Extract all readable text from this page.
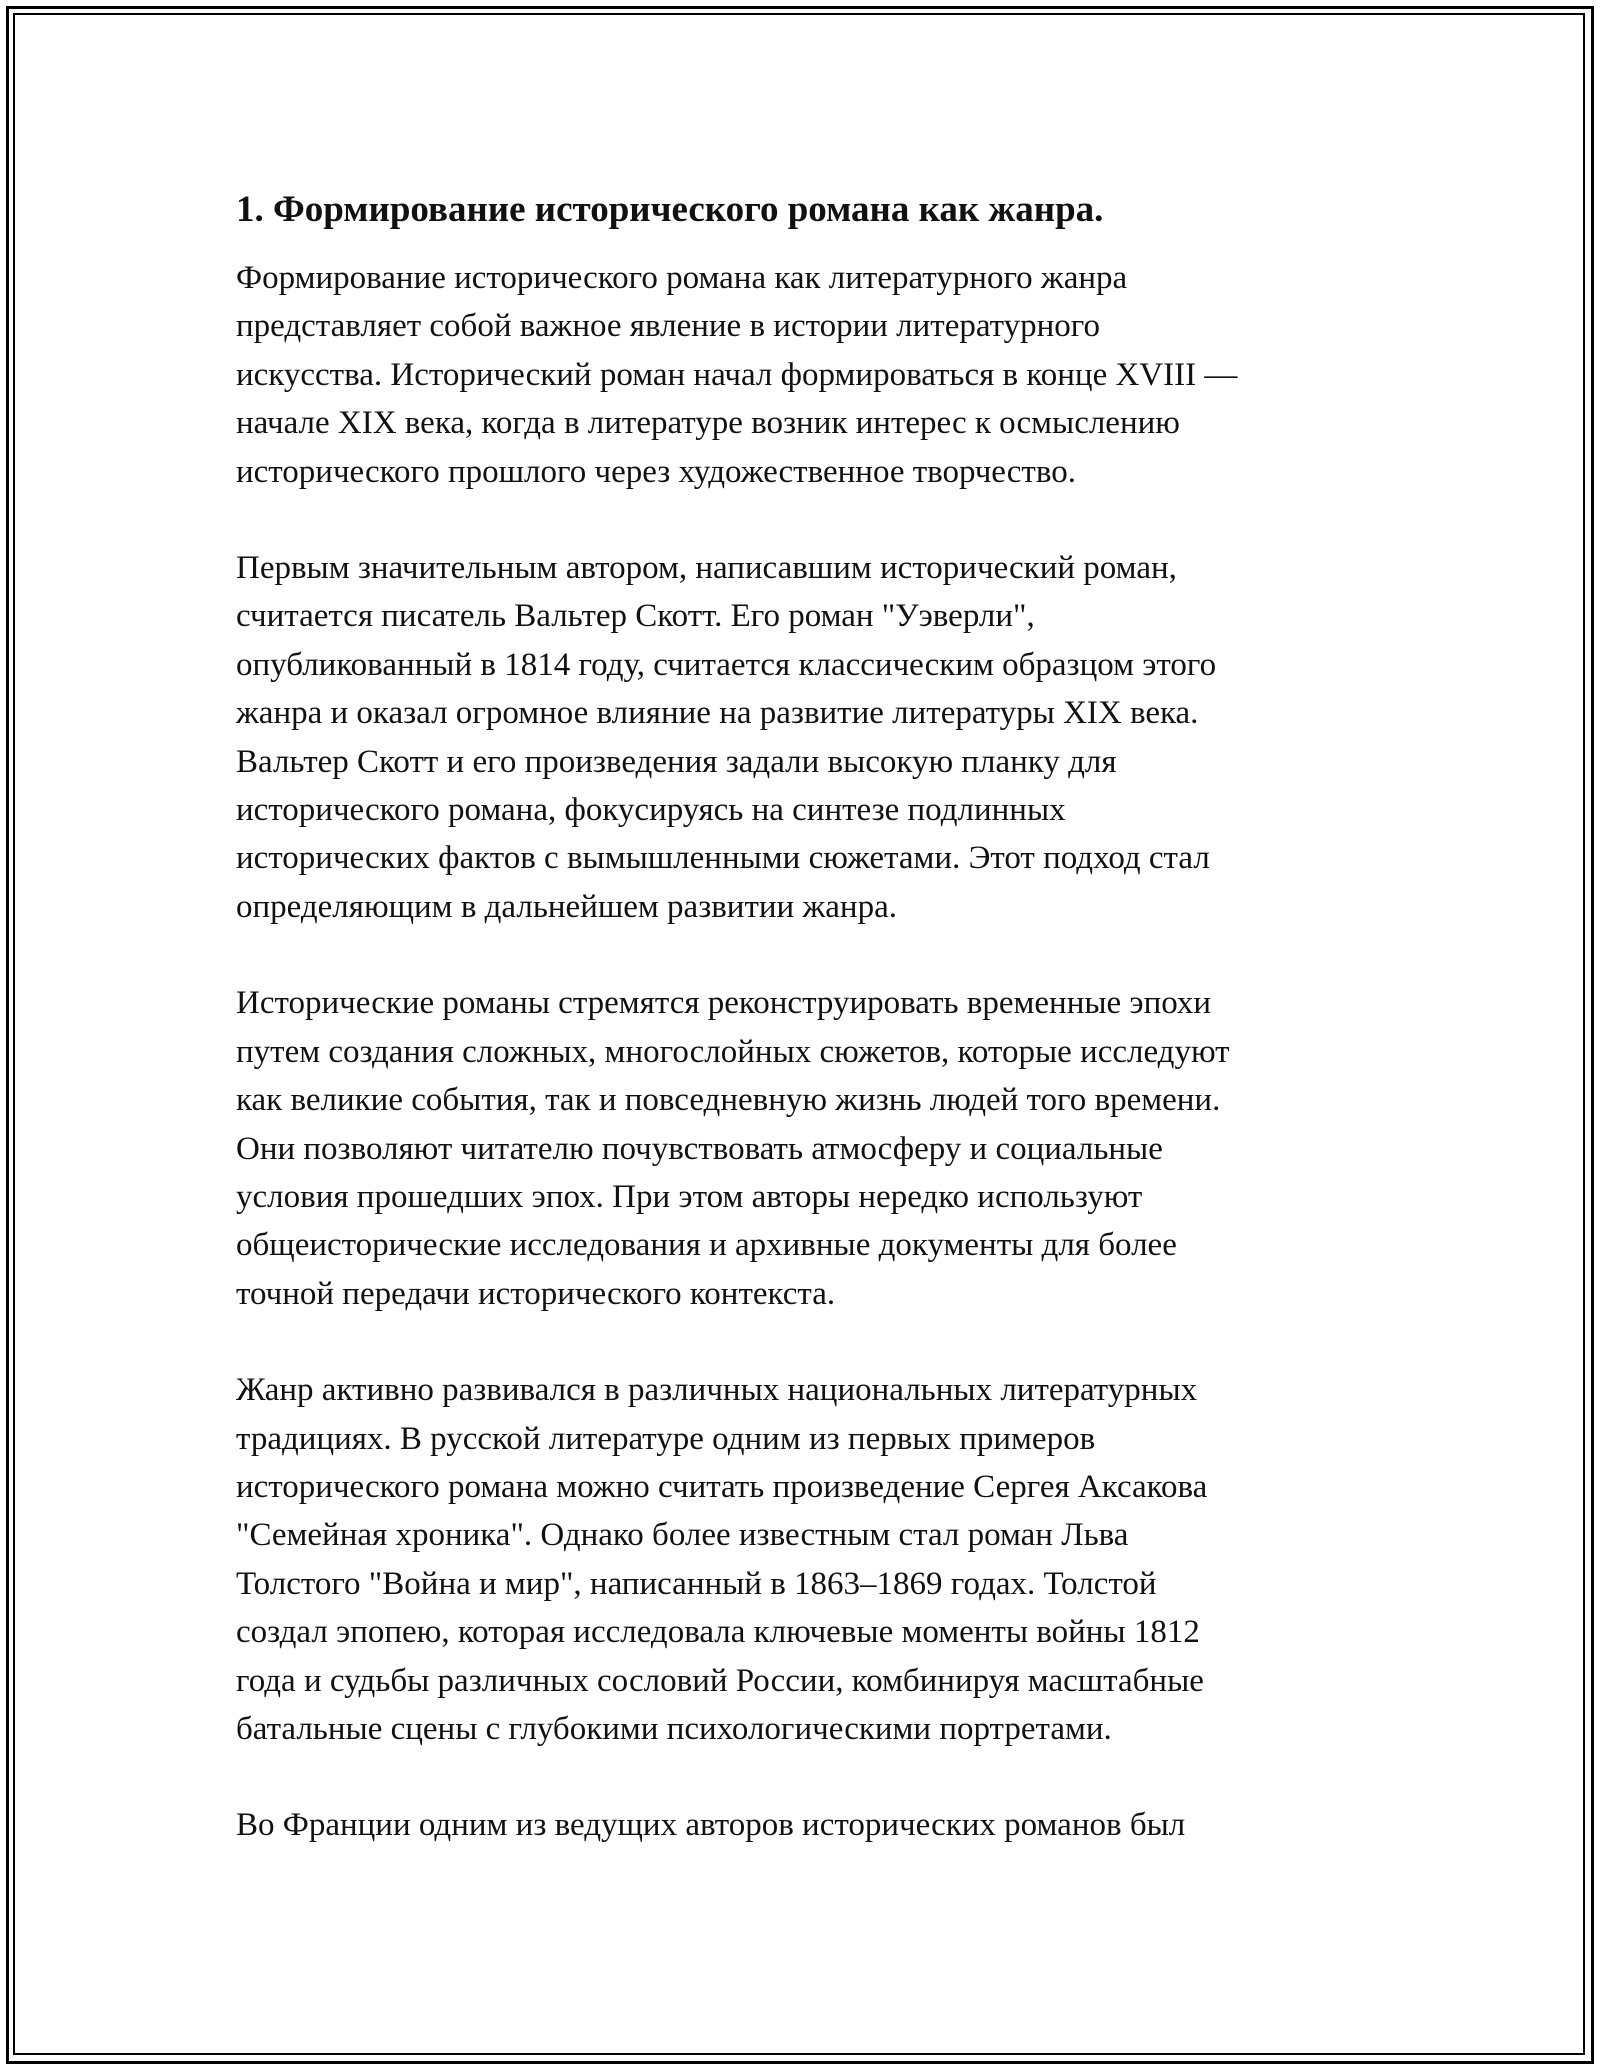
1. Формирование исторического романа как жанра.

Формирование исторического романа как литературного жанра
представляет собой важное явление в истории литературного
искусства. Исторический роман начал формироваться в конце XVIII —
начале XIX века, когда в литературе возник интерес к осмыслению
исторического прошлого через художественное творчество.

Первым значительным автором, написавшим исторический роман,
считается писатель Вальтер Скотт. Его роман "Уэверли",
опубликованный в 1814 году, считается классическим образцом этого
жанра и оказал огромное влияние на развитие литературы XIX века.
Вальтер Скотт и его произведения задали высокую планку для
исторического романа, фокусируясь на синтезе подлинных
исторических фактов с вымышленными сюжетами. Этот подход стал
определяющим в дальнейшем развитии жанра.

Исторические романы стремятся реконструировать временные эпохи
путем создания сложных, многослойных сюжетов, которые исследуют
как великие события, так и повседневную жизнь людей того времени.
Они позволяют читателю почувствовать атмосферу и социальные
условия прошедших эпох. При этом авторы нередко используют
общеисторические исследования и архивные документы для более
точной передачи исторического контекста.

Жанр активно развивался в различных национальных литературных
традициях. В русской литературе одним из первых примеров
исторического романа можно считать произведение Сергея Аксакова
"Семейная хроника". Однако более известным стал роман Льва
Толстого "Война и мир", написанный в 1863–1869 годах. Толстой
создал эпопею, которая исследовала ключевые моменты войны 1812
года и судьбы различных сословий России, комбинируя масштабные
батальные сцены с глубокими психологическими портретами.

Во Франции одним из ведущих авторов исторических романов был
